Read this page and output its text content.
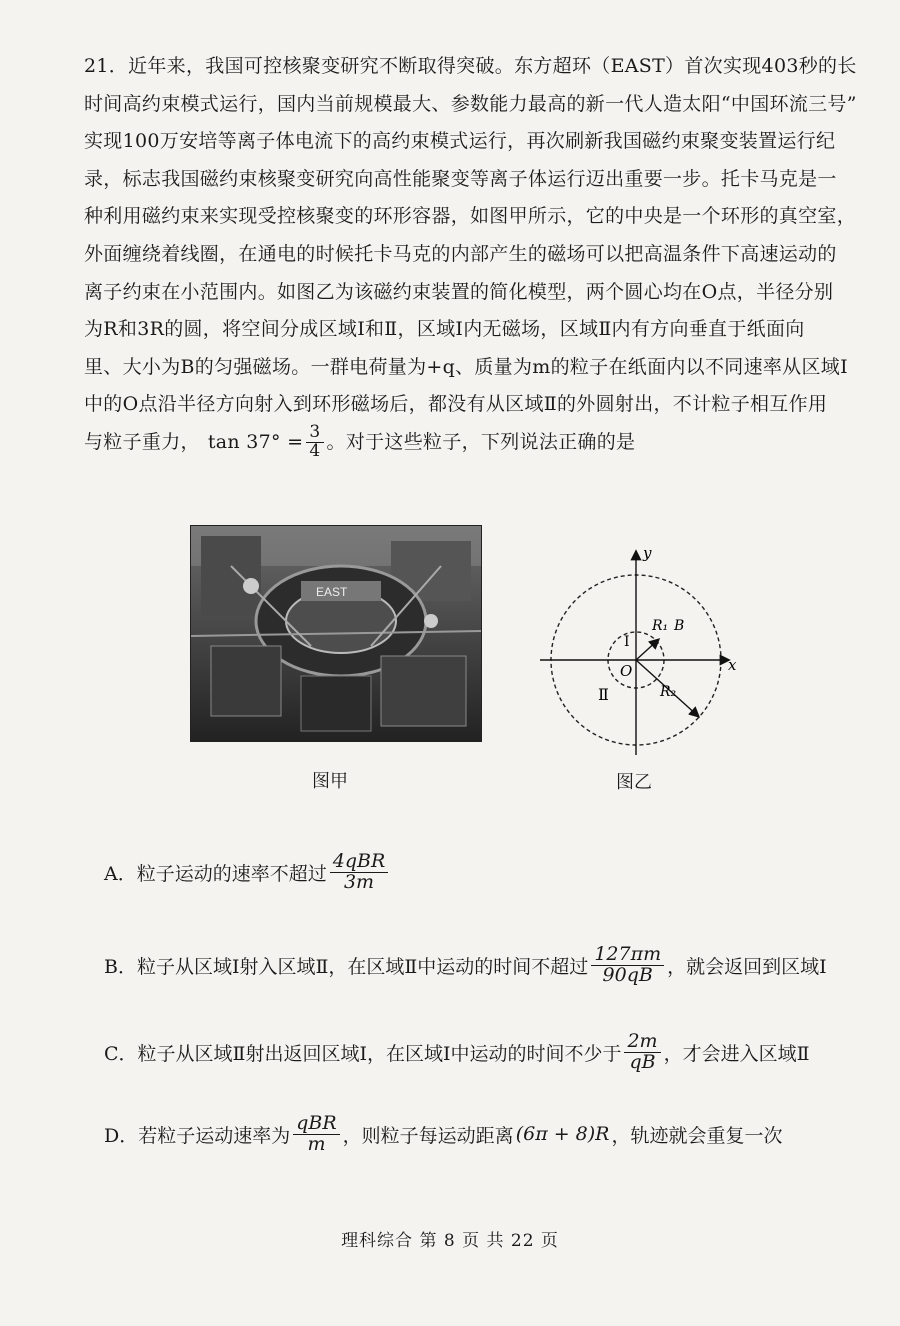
21．近年来，我国可控核聚变研究不断取得突破。东方超环（EAST）首次实现403秒的长
时间高约束模式运行，国内当前规模最大、参数能力最高的新一代人造太阳“中国环流三号”
实现100万安培等离子体电流下的高约束模式运行，再次刷新我国磁约束聚变装置运行纪
录，标志我国磁约束核聚变研究向高性能聚变等离子体运行迈出重要一步。托卡马克是一
种利用磁约束来实现受控核聚变的环形容器，如图甲所示，它的中央是一个环形的真空室，
外面缠绕着线圈，在通电的时候托卡马克的内部产生的磁场可以把高温条件下高速运动的
离子约束在小范围内。如图乙为该磁约束装置的简化模型，两个圆心均在O点，半径分别
为R和3R的圆，将空间分成区域Ⅰ和Ⅱ，区域Ⅰ内无磁场，区域Ⅱ内有方向垂直于纸面向
里、大小为B的匀强磁场。一群电荷量为+q、质量为m的粒子在纸面内以不同速率从区域Ⅰ
中的O点沿半径方向射入到环形磁场后，都没有从区域Ⅱ的外圆射出，不计粒子相互作用
与粒子重力， $\tan 37^\circ = \frac{3}{4}$ 。对于这些粒子，下列说法正确的是
EAST
图甲
y
x
O
Ⅰ
Ⅱ
R₁ B
R₂
图乙
A．粒子运动的速率不超过 $\frac{\text{4qBR}}{3m}$
B．粒子从区域Ⅰ射入区域Ⅱ，在区域Ⅱ中运动的时间不超过 $\frac{127\pi m}{90qB}$ ，就会返回到区域Ⅰ
C．粒子从区域Ⅱ射出返回区域Ⅰ，在区域Ⅰ中运动的时间不少于 $\frac{2m}{qB}$ ，才会进入区域Ⅱ
D．若粒子运动速率为 $\frac{\text{qBR}}{m}$ ，则粒子每运动距离 (6π + 8)R ，轨迹就会重复一次
理科综合 第 8 页 共 22 页
